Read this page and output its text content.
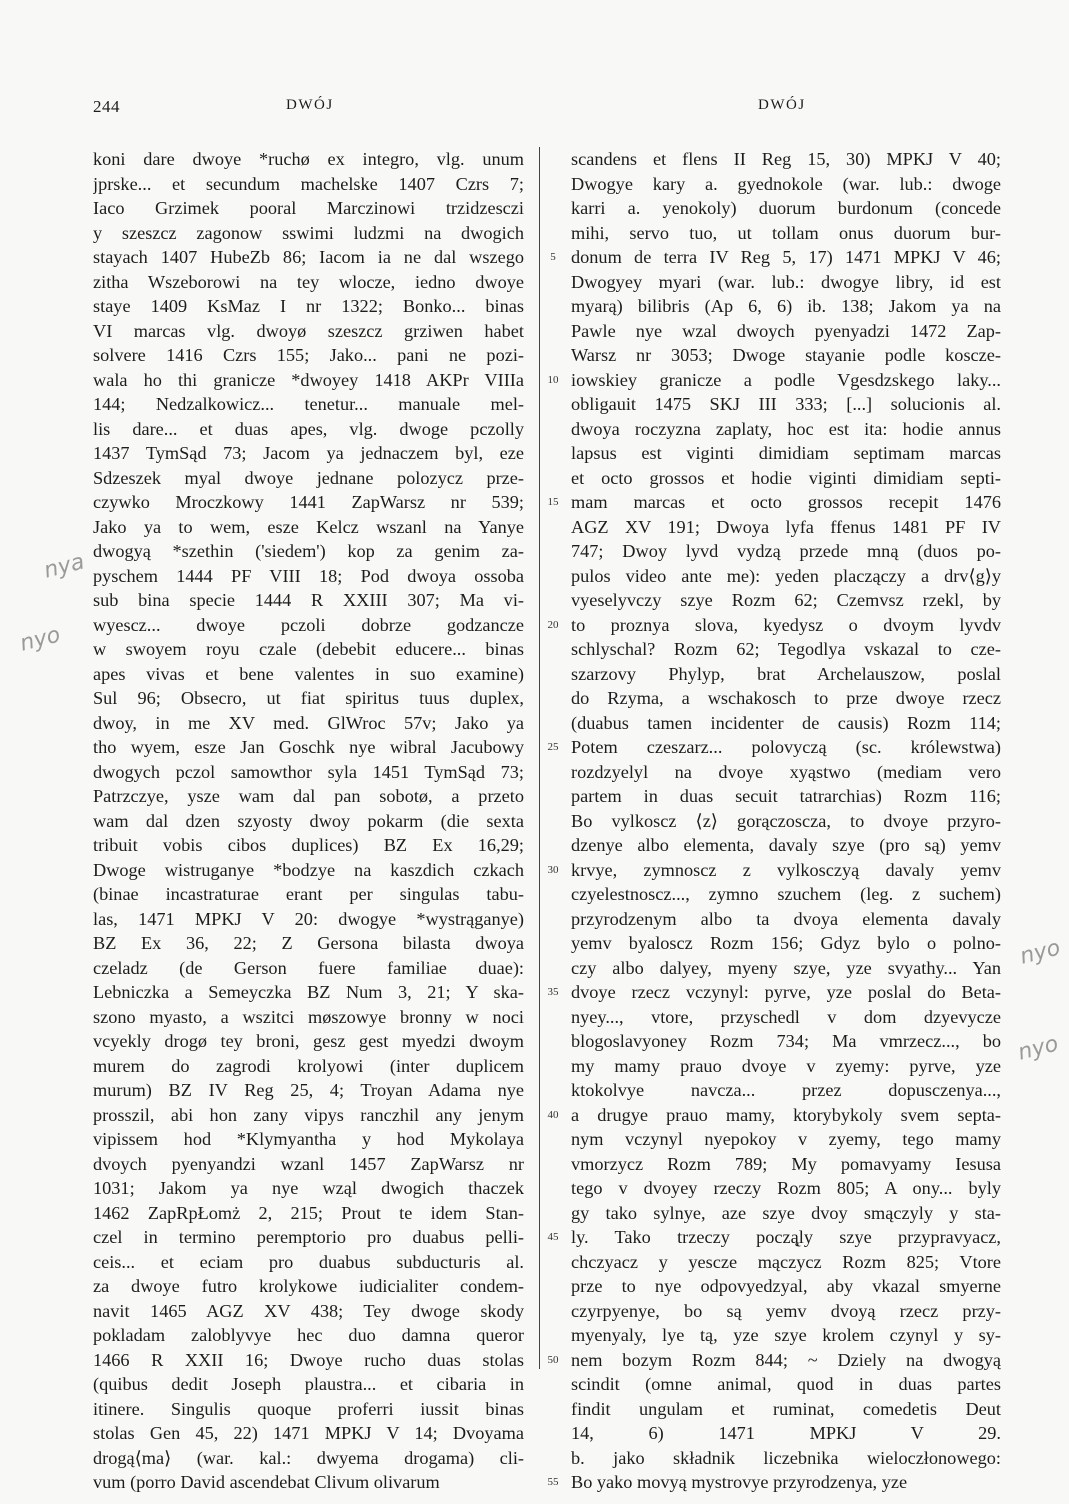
244	DWÓJ	DWÓJ
koni dare dwoye *ruchø ex integro, vlg. unum
jprske... et secundum machelske 1407 Czrs 7;
Iaco Grzimek pooral Marczinowi trzidzesczi
y szeszcz zagonow sswimi ludzmi na dwogich
stayach 1407 HubeZb 86; Iacom ia ne dal wszego
zitha Wszeborowi na tey wlocze, iedno dwoye
staye 1409 KsMaz I nr 1322; Bonko... binas
VI marcas vlg. dwoyø szeszcz grziwen habet
solvere 1416 Czrs 155; Jako... pani ne pozi-
wala ho thi granicze *dwoyey 1418 AKPr VIIIa
144; Nedzalkowicz... tenetur... manuale mel-
lis dare... et duas apes, vlg. dwoge pczolly
1437 TymSąd 73; Jacom ya jednaczem byl, eze
Sdzeszek myal dwoye jednane polozycz prze-
czywko Mroczkowy 1441 ZapWarsz nr 539;
Jako ya to wem, esze Kelcz wszanl na Yanye
dwogyą *szethin ('siedem') kop za genim za-
pyschem 1444 PF VIII 18; Pod dwoya ossoba
sub bina specie 1444 R XXIII 307; Ma vi-
wyescz... dwoye pczoli dobrze godzancze
w swoyem royu czale (debebit educere... binas
apes vivas et bene valentes in suo examine)
Sul 96; Obsecro, ut fiat spiritus tuus duplex,
dwoy, in me XV med. GlWroc 57v; Jako ya
tho wyem, esze Jan Goschk nye wibral Jacubowy
dwogych pczol samowthor syla 1451 TymSąd 73;
Patrzczye, ysze wam dal pan sobotø, a przeto
wam dal dzen szyosty dwoy pokarm (die sexta
tribuit vobis cibos duplices) BZ Ex 16,29;
Dwoge wistruganye *bodzye na kaszdich czkach
(binae incastraturae erant per singulas tabu-
las, 1471 MPKJ V 20: dwogye *wystrąganye)
BZ Ex 36, 22; Z Gersona bilasta dwoya
czeladz (de Gerson fuere familiae duae):
Lebniczka a Semeyczka BZ Num 3, 21; Y ska-
szono myasto, a wszitci møszowye bronny w noci
vcyekly drogø tey broni, gesz gest myedzi dwoym
murem do zagrodi krolyowi (inter duplicem
murum) BZ IV Reg 25, 4; Troyan Adama nye
prosszil, abi hon zany vipys ranczhil any jenym
vipissem hod *Klymyantha y hod Mykolaya
dvoych pyenyandzi wzanl 1457 ZapWarsz nr
1031; Jakom ya nye wząl dwogich thaczek
1462 ZapRpŁomż 2, 215; Prout te idem Stan-
czel in termino peremptorio pro duabus pelli-
ceis... et eciam pro duabus subducturis al.
za dwoye futro krolykowe iudicialiter condem-
navit 1465 AGZ XV 438; Tey dwoge skody
pokladam zaloblyvye hec duo damna queror
1466 R XXII 16; Dwoye rucho duas stolas
(quibus dedit Joseph plaustra... et cibaria in
itinere. Singulis quoque proferri iussit binas
stolas Gen 45, 22) 1471 MPKJ V 14; Dvoyama
drogą⟨ma⟩ (war. kal.: dwyema drogama) cli-
vum (porro David ascendebat Clivum olivarum
5
10
15
20
25
30
35
40
45
50
55
scandens et flens II Reg 15, 30) MPKJ V 40;
Dwogye kary a. gyednokole (war. lub.: dwoge
karri a. yenokoly) duorum burdonum (concede
mihi, servo tuo, ut tollam onus duorum bur-
donum de terra IV Reg 5, 17) 1471 MPKJ V 46;
Dwogyey myari (war. lub.: dwogye libry, id est
myarą) bilibris (Ap 6, 6) ib. 138; Jakom ya na
Pawle nye wzal dwoych pyenyadzi 1472 Zap-
Warsz nr 3053; Dwoge stayanie podle koscze-
iowskiey granicze a podle Vgesdzskego laky...
obligauit 1475 SKJ III 333; [...] solucionis al.
dwoya roczyzna zaplaty, hoc est ita: hodie annus
lapsus est viginti dimidiam septimam marcas
et octo grossos et hodie viginti dimidiam septi-
mam marcas et octo grossos recepit 1476
AGZ XV 191; Dwoya lyfa ffenus 1481 PF IV
747; Dwoy lyvd vydzą przede mną (duos po-
pulos video ante me): yeden placzączy a drv⟨g⟩y
vyeselyvczy szye Rozm 62; Czemvsz rzekl, by
to proznya slova, kyedysz o dvoym lyvdv
schlyschal? Rozm 62; Tegodlya vskazal to cze-
szarzovy Phylyp, brat Archelauszow, poslal
do Rzyma, a wschakosch to prze dwoye rzecz
(duabus tamen incidenter de causis) Rozm 114;
Potem czeszarz... polovyczą (sc. królewstwa)
rozdzyelyl na dvoye xyąstwo (mediam vero
partem in duas secuit tatrarchias) Rozm 116;
Bo vylkoscz ⟨z⟩ gorączoscza, to dvoye przyro-
dzenye albo elementa, davaly szye (pro są) yemv
krvye, zymnoscz z vylkosczyą davaly yemv
czyelestnoscz..., zymno szuchem (leg. z suchem)
przyrodzenym albo ta dvoya elementa davaly
yemv byaloscz Rozm 156; Gdyz bylo o polno-
czy albo dalyey, myeny szye, yze svyathy... Yan
dvoye rzecz vczynyl: pyrve, yze poslal do Beta-
nyey..., vtore, przyschedl v dom dzyevycze
blogoslavyoney Rozm 734; Ma vmrzecz..., bo
my mamy prauo dvoye v zyemy: pyrve, yze
ktokolvye navcza... przez dopusczenya...,
a drugye prauo mamy, ktorybykoly svem septa-
nym vczynyl nyepokoy v zyemy, tego mamy
vmorzycz Rozm 789; My pomavyamy Iesusa
tego v dvoyey rzeczy Rozm 805; A ony... byly
gy tako sylnye, aze szye dvoy smączyly y sta-
ly. Tako trzeczy począ̨ly szye przypravyacz,
chczyacz y yescze mączycz Rozm 825; Vtore
prze to nye odpovyedzyal, aby vkazal smyerne
czyrpyenye, bo są yemv dvoyą rzecz przy-
myenyaly, lye tą, yze szye krolem czynyl y sy-
nem bozym Rozm 844; ~ Dziely na dwogyą
scindit (omne animal, quod in duas partes
findit ungulam et ruminat, comedetis Deut
14, 6) 1471 MPKJ V 29.
b. jako składnik liczebnika wieloczłonowego:
Bo yako movyą mystrovye przyrodzenya, yze
nyo
nya
nyo
nyo
